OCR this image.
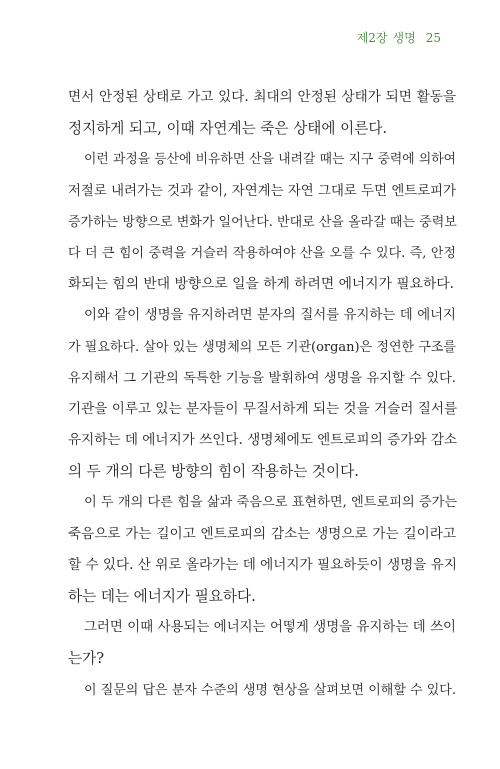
제2장 생명 25
면서 안정된 상태로 가고 있다. 최대의 안정된 상태가 되면 활동을
정지하게 되고, 이때 자연계는 죽은 상태에 이른다.
이런 과정을 등산에 비유하면 산을 내려갈 때는 지구 중력에 의하여
저절로 내려가는 것과 같이, 자연계는 자연 그대로 두면 엔트로피가
증가하는 방향으로 변화가 일어난다. 반대로 산을 올라갈 때는 중력보
다 더 큰 힘이 중력을 거슬러 작용하여야 산을 오를 수 있다. 즉, 안정
화되는 힘의 반대 방향으로 일을 하게 하려면 에너지가 필요하다.
이와 같이 생명을 유지하려면 분자의 질서를 유지하는 데 에너지
가 필요하다. 살아 있는 생명체의 모든 기관(organ)은 정연한 구조를
유지해서 그 기관의 독특한 기능을 발휘하여 생명을 유지할 수 있다.
기관을 이루고 있는 분자들이 무질서하게 되는 것을 거슬러 질서를
유지하는 데 에너지가 쓰인다. 생명체에도 엔트로피의 증가와 감소
의 두 개의 다른 방향의 힘이 작용하는 것이다.
이 두 개의 다른 힘을 삶과 죽음으로 표현하면, 엔트로피의 증가는
죽음으로 가는 길이고 엔트로피의 감소는 생명으로 가는 길이라고
할 수 있다. 산 위로 올라가는 데 에너지가 필요하듯이 생명을 유지
하는 데는 에너지가 필요하다.
그러면 이때 사용되는 에너지는 어떻게 생명을 유지하는 데 쓰이
는가?
이 질문의 답은 분자 수준의 생명 현상을 살펴보면 이해할 수 있다.
